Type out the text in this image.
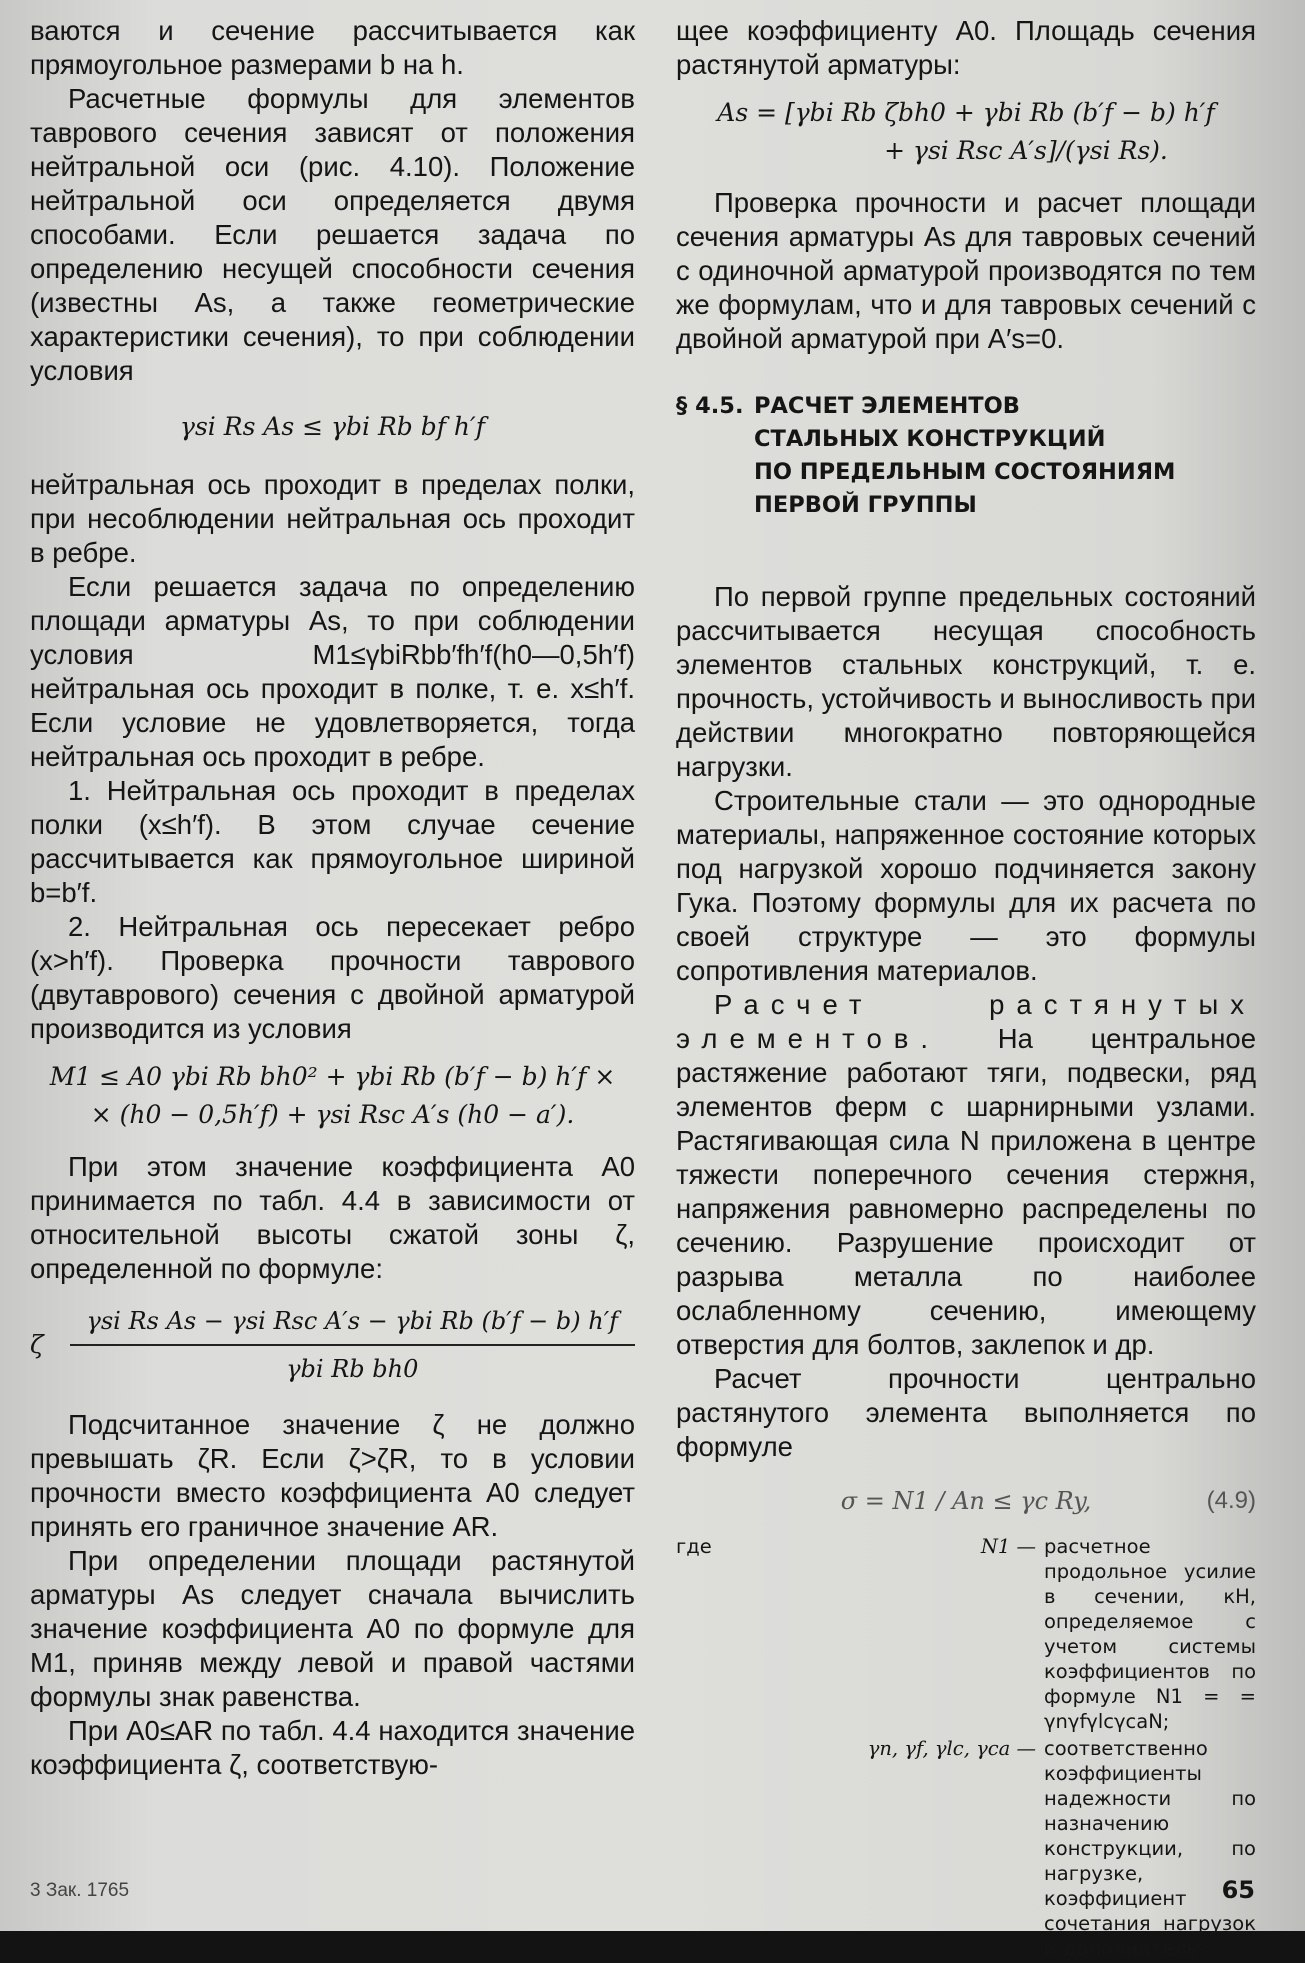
ваются и сечение рассчитывается как прямоугольное размерами b на h.

Расчетные формулы для элементов таврового сечения зависят от положения нейтральной оси (рис. 4.10). Положение нейтральной оси определяется двумя способами. Если решается задача по определению несущей способности сечения (известны As, а также геометрические характеристики сечения), то при соблюдении условия

γsi Rs As ≤ γbi Rb bf h′f

нейтральная ось проходит в пределах полки, при несоблюдении нейтральная ось проходит в ребре.

Если решается задача по определению площади арматуры As, то при соблюдении условия M1≤γbiRbb′fh′f(h0—0,5h′f) нейтральная ось проходит в полке, т. е. x≤h′f. Если условие не удовлетворяется, тогда нейтральная ось проходит в ребре.

1. Нейтральная ось проходит в пределах полки (x≤h′f). В этом случае сечение рассчитывается как прямоугольное шириной b=b′f.

2. Нейтральная ось пересекает ребро (x>h′f). Проверка прочности таврового (двутаврового) сечения с двойной арматурой производится из условия

M1 ≤ A0 γbi Rb bh0² + γbi Rb (b′f − b) h′f ×
× (h0 − 0,5h′f) + γsi Rsc A′s (h0 − a′).

При этом значение коэффициента A0 принимается по табл. 4.4 в зависимости от относительной высоты сжатой зоны ζ, определенной по формуле:

ζ $\frac{\text{γsi Rs As − γsi Rsc A′s − γbi Rb (b′f − b) h′f}}{\text{γbi Rb bh0}}$

Подсчитанное значение ζ не должно превышать ζR. Если ζ>ζR, то в условии прочности вместо коэффициента A0 следует принять его граничное значение AR.

При определении площади растянутой арматуры As следует сначала вычислить значение коэффициента A0 по формуле для M1, приняв между левой и правой частями формулы знак равенства.

При A0≤AR по табл. 4.4 находится значение коэффициента ζ, соответствую-

щее коэффициенту A0. Площадь сечения растянутой арматуры:

As = [γbi Rb ζbh0 + γbi Rb (b′f − b) h′f
+ γsi Rsc A′s]/(γsi Rs).

Проверка прочности и расчет площади сечения арматуры As для тавровых сечений с одиночной арматурой производятся по тем же формулам, что и для тавровых сечений с двойной арматурой при A′s=0.

§ 4.5. РАСЧЕТ ЭЛЕМЕНТОВ
СТАЛЬНЫХ КОНСТРУКЦИЙ
ПО ПРЕДЕЛЬНЫМ СОСТОЯНИЯМ
ПЕРВОЙ ГРУППЫ

По первой группе предельных состояний рассчитывается несущая способность элементов стальных конструкций, т. е. прочность, устойчивость и выносливость при действии многократно повторяющейся нагрузки.

Строительные стали — это однородные материалы, напряженное состояние которых под нагрузкой хорошо подчиняется закону Гука. Поэтому формулы для их расчета по своей структуре — это формулы сопротивления материалов.

Расчет растянутых элементов. На центральное растяжение работают тяги, подвески, ряд элементов ферм с шарнирными узлами. Растягивающая сила N приложена в центре тяжести поперечного сечения стержня, напряжения равномерно распределены по сечению. Разрушение происходит от разрыва металла по наиболее ослабленному сечению, имеющему отверстия для болтов, заклепок и др.

Расчет прочности центрально растянутого элемента выполняется по формуле

σ = N1 / An ≤ γc Ry,	(4.9)
где	N1 — расчетное продольное усилие в сечении, кН, определяемое с учетом системы коэффициентов по формуле N1 = = γnγfγlcγcaN;
γn, γf, γlc, γca — соответственно коэффициенты надежности по назначению конструкции, по нагрузке, коэффициент сочетания нагрузок и дополнитель-
3 Зак. 1765	65
